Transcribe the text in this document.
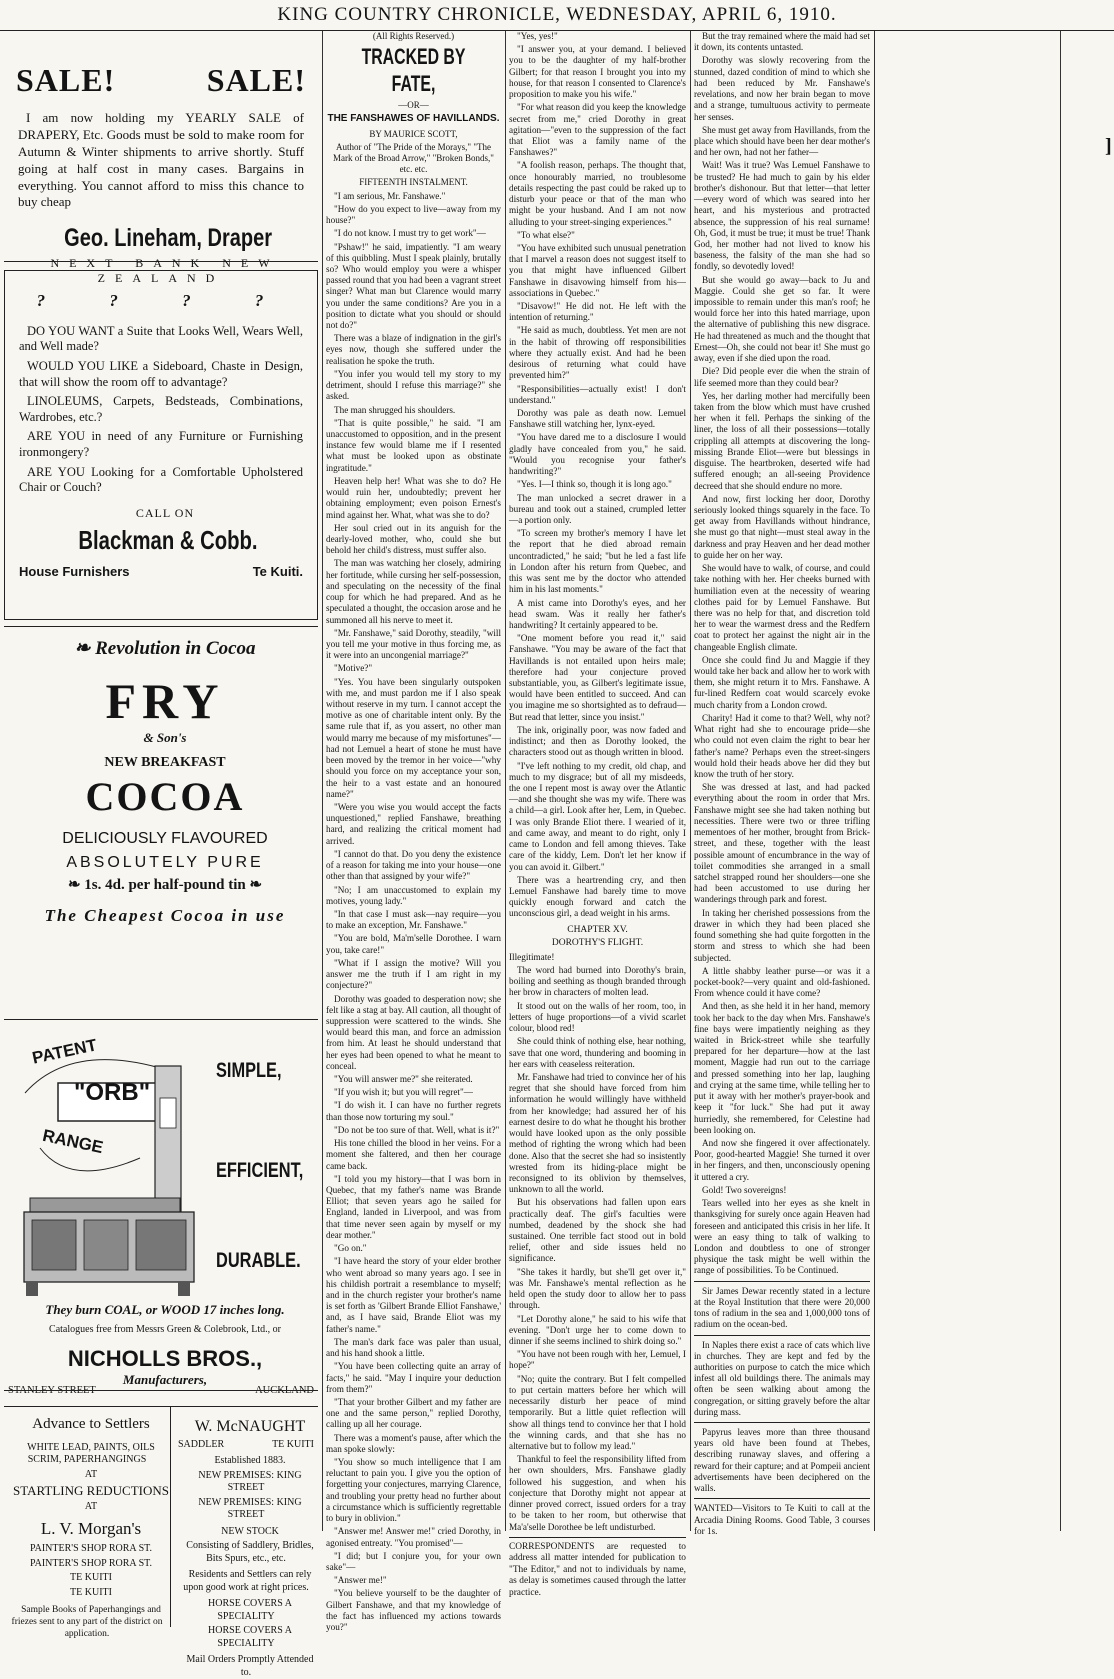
KING COUNTRY CHRONICLE, WEDNESDAY, APRIL 6, 1910.
SALE!	SALE!

I am now holding my YEARLY SALE of DRAPERY, Etc. Goods must be sold to make room for Autumn & Winter shipments to arrive shortly. Stuff going at half cost in many cases. Bargains in everything. You cannot afford to miss this chance to buy cheap

Geo. Lineham, Draper

NEXT BANK NEW ZEALAND

? ? ? ?

DO YOU WANT a Suite that Looks Well, Wears Well, and Well made?

WOULD YOU LIKE a Sideboard, Chaste in Design, that will show the room off to advantage?

LINOLEUMS, Carpets, Bedsteads, Combinations, Wardrobes, etc.?

ARE YOU in need of any Furniture or Furnishing ironmongery?

ARE YOU Looking for a Comfortable Upholstered Chair or Couch?

CALL ON

Blackman & Cobb.

House Furnishers	Te Kuiti.

❧ Revolution in Cocoa

FRY

& Son's

NEW BREAKFAST

COCOA

DELICIOUSLY FLAVOURED

ABSOLUTELY PURE

❧ 1s. 4d. per half-pound tin ❧

The Cheapest Cocoa in use

PATENT
"ORB"
RANGE
SIMPLE,
EFFICIENT,
DURABLE.

They burn COAL, or WOOD 17 inches long.

Catalogues free from Messrs Green & Colebrook, Ltd., or

NICHOLLS BROS.,

Manufacturers,

STANLEY-STREET	AUCKLAND

Advance to Settlers

WHITE LEAD, PAINTS, OILS SCRIM, PAPERHANGINGS

AT

STARTLING REDUCTIONS

AT

L. V. Morgan's

PAINTER'S SHOP RORA ST.

PAINTER'S SHOP RORA ST.

TE KUITI

TE KUITI

Sample Books of Paperhangings and friezes sent to any part of the district on application.

W. McNAUGHT

SADDLER	TE KUITI

Established 1883.

NEW PREMISES: KING STREET

NEW PREMISES: KING STREET

NEW STOCK

Consisting of Saddlery, Bridles, Bits Spurs, etc., etc.

Residents and Settlers can rely upon good work at right prices.

HORSE COVERS A SPECIALITY

HORSE COVERS A SPECIALITY

Mail Orders Promptly Attended to.

(All Rights Reserved.)

TRACKED BY FATE,

—OR—

THE FANSHAWES OF HAVILLANDS.

BY MAURICE SCOTT,

Author of "The Pride of the Morays," "The Mark of the Broad Arrow," "Broken Bonds," etc. etc.

FIFTEENTH INSTALMENT.

"I am serious, Mr. Fanshawe."

"How do you expect to live—away from my house?"

"I do not know. I must try to get work"—

"Pshaw!" he said, impatiently. "I am weary of this quibbling. Must I speak plainly, brutally so? Who would employ you were a whisper passed round that you had been a vagrant street singer? What man but Clarence would marry you under the same conditions? Are you in a position to dictate what you should or should not do?"

There was a blaze of indignation in the girl's eyes now, though she suffered under the realisation he spoke the truth.

"You infer you would tell my story to my detriment, should I refuse this marriage?" she asked.

The man shrugged his shoulders.

"That is quite possible," he said. "I am unaccustomed to opposition, and in the present instance few would blame me if I resented what must be looked upon as obstinate ingratitude."

Heaven help her! What was she to do? He would ruin her, undoubtedly; prevent her obtaining employment; even poison Ernest's mind against her. What, what was she to do?

Her soul cried out in its anguish for the dearly-loved mother, who, could she but behold her child's distress, must suffer also.

The man was watching her closely, admiring her fortitude, while cursing her self-possession, and speculating on the necessity of the final coup for which he had prepared. And as he speculated a thought, the occasion arose and he summoned all his nerve to meet it.

"Mr. Fanshawe," said Dorothy, steadily, "will you tell me your motive in thus forcing me, as it were into an uncongenial marriage?"

"Motive?"

"Yes. You have been singularly outspoken with me, and must pardon me if I also speak without reserve in my turn. I cannot accept the motive as one of charitable intent only. By the same rule that if, as you assert, no other man would marry me because of my misfortunes"— had not Lemuel a heart of stone he must have been moved by the tremor in her voice—"why should you force on my acceptance your son, the heir to a vast estate and an honoured name?"

"Were you wise you would accept the facts unquestioned," replied Fanshawe, breathing hard, and realizing the critical moment had arrived.

"I cannot do that. Do you deny the existence of a reason for taking me into your house—one other than that assigned by your wife?"

"No; I am unaccustomed to explain my motives, young lady."

"In that case I must ask—nay require—you to make an exception, Mr. Fanshawe."

"You are bold, Ma'm'selle Dorothee. I warn you, take care!"

"What if I assign the motive? Will you answer me the truth if I am right in my conjecture?"

Dorothy was goaded to desperation now; she felt like a stag at bay. All caution, all thought of suppression were scattered to the winds. She would beard this man, and force an admission from him. At least he should understand that her eyes had been opened to what he meant to conceal.

"You will answer me?" she reiterated.

"If you wish it; but you will regret"—

"I do wish it. I can have no further regrets than those now torturing my soul."

"Do not be too sure of that. Well, what is it?"

His tone chilled the blood in her veins. For a moment she faltered, and then her courage came back.

"I told you my history—that I was born in Quebec, that my father's name was Brande Elliot; that seven years ago he sailed for England, landed in Liverpool, and was from that time never seen again by myself or my dear mother."

"Go on."

"I have heard the story of your elder brother who went abroad so many years ago. I see in his childish portrait a resemblance to myself; and in the church register your brother's name is set forth as 'Gilbert Brande Elliot Fanshawe,' and, as I have said, Brande Eliot was my father's name."

The man's dark face was paler than usual, and his hand shook a little.

"You have been collecting quite an array of facts," he said. "May I inquire your deduction from them?"

"That your brother Gilbert and my father are one and the same person," replied Dorothy, calling up all her courage.

There was a moment's pause, after which the man spoke slowly:

"You show so much intelligence that I am reluctant to pain you. I give you the option of forgetting your conjectures, marrying Clarence, and troubling your pretty head no further about a circumstance which is sufficiently regrettable to bury in oblivion."

"Answer me! Answer me!" cried Dorothy, in agonised entreaty. "You promised"—

"I did; but I conjure you, for your own sake"—

"Answer me!"

"You believe yourself to be the daughter of Gilbert Fanshawe, and that my knowledge of the fact has influenced my actions towards you?"

"Yes, yes!"

"I answer you, at your demand. I believed you to be the daughter of my half-brother Gilbert; for that reason I brought you into my house, for that reason I consented to Clarence's proposition to make you his wife."

"For what reason did you keep the knowledge secret from me," cried Dorothy in great agitation—"even to the suppression of the fact that Eliot was a family name of the Fanshawes?"

"A foolish reason, perhaps. The thought that, once honourably married, no troublesome details respecting the past could be raked up to disturb your peace or that of the man who might be your husband. And I am not now alluding to your street-singing experiences."

"To what else?"

"You have exhibited such unusual penetration that I marvel a reason does not suggest itself to you that might have influenced Gilbert Fanshawe in disavowing himself from his—associations in Quebec."

"Disavow!" He did not. He left with the intention of returning."

"He said as much, doubtless. Yet men are not in the habit of throwing off responsibilities where they actually exist. And had he been desirous of returning what could have prevented him?"

"Responsibilities—actually exist! I don't understand."

Dorothy was pale as death now. Lemuel Fanshawe still watching her, lynx-eyed.

"You have dared me to a disclosure I would gladly have concealed from you," he said. "Would you recognise your father's handwriting?"

"Yes. I—I think so, though it is long ago."

The man unlocked a secret drawer in a bureau and took out a stained, crumpled letter—a portion only.

"To screen my brother's memory I have let the report that he died abroad remain uncontradicted," he said; "but he led a fast life in London after his return from Quebec, and this was sent me by the doctor who attended him in his last moments."

A mist came into Dorothy's eyes, and her head swam. Was it really her father's handwriting? It certainly appeared to be.

"One moment before you read it," said Fanshawe. "You may be aware of the fact that Havillands is not entailed upon heirs male; therefore had your conjecture proved substantiable, you, as Gilbert's legitimate issue, would have been entitled to succeed. And can you imagine me so shortsighted as to defraud—But read that letter, since you insist."

The ink, originally poor, was now faded and indistinct; and then as Dorothy looked, the characters stood out as though written in blood.

"I've left nothing to my credit, old chap, and much to my disgrace; but of all my misdeeds, the one I repent most is away over the Atlantic—and she thought she was my wife. There was a child—a girl. Look after her, Lem, in Quebec. I was only Brande Eliot there. I wearied of it, and came away, and meant to do right, only I came to London and fell among thieves. Take care of the kiddy, Lem. Don't let her know if you can avoid it. Gilbert."

There was a heartrending cry, and then Lemuel Fanshawe had barely time to move quickly enough forward and catch the unconscious girl, a dead weight in his arms.

CHAPTER XV.
DOROTHY'S FLIGHT.

Illegitimate!

The word had burned into Dorothy's brain, boiling and seething as though branded through her brow in characters of molten lead.

It stood out on the walls of her room, too, in letters of huge proportions—of a vivid scarlet colour, blood red!

She could think of nothing else, hear nothing, save that one word, thundering and booming in her ears with ceaseless reiteration.

Mr. Fanshawe had tried to convince her of his regret that she should have forced from him information he would willingly have withheld from her knowledge; had assured her of his earnest desire to do what he thought his brother would have looked upon as the only possible method of righting the wrong which had been done. Also that the secret she had so insistently wrested from its hiding-place might be reconsigned to its oblivion by themselves, unknown to all the world.

But his observations had fallen upon ears practically deaf. The girl's faculties were numbed, deadened by the shock she had sustained. One terrible fact stood out in bold relief, other and side issues held no significance.

"She takes it hardly, but she'll get over it," was Mr. Fanshawe's mental reflection as he held open the study door to allow her to pass through.

"Let Dorothy alone," he said to his wife that evening. "Don't urge her to come down to dinner if she seems inclined to shirk doing so."

"You have not been rough with her, Lemuel, I hope?"

"No; quite the contrary. But I felt compelled to put certain matters before her which will necessarily disturb her peace of mind temporarily. But a little quiet reflection will show all things tend to convince her that I hold the winning cards, and that she has no alternative but to follow my lead."

Thankful to feel the responsibility lifted from her own shoulders, Mrs. Fanshawe gladly followed his suggestion, and when his conjecture that Dorothy might not appear at dinner proved correct, issued orders for a tray to be taken to her room, but otherwise that Ma'a'selle Dorothee be left undisturbed.

CORRESPONDENTS are requested to address all matter intended for publication to "The Editor," and not to individuals by name, as delay is sometimes caused through the latter practice.

But the tray remained where the maid had set it down, its contents untasted.

Dorothy was slowly recovering from the stunned, dazed condition of mind to which she had been reduced by Mr. Fanshawe's revelations, and now her brain began to move and a strange, tumultuous activity to permeate her senses.

She must get away from Havillands, from the place which should have been her dear mother's and her own, had not her father—

Wait! Was it true? Was Lemuel Fanshawe to be trusted? He had much to gain by his elder brother's dishonour. But that letter—that letter—every word of which was seared into her heart, and his mysterious and protracted absence, the suppression of his real surname! Oh, God, it must be true; it must be true! Thank God, her mother had not lived to know his baseness, the falsity of the man she had so fondly, so devotedly loved!

But she would go away—back to Ju and Maggie. Could she get so far. It were impossible to remain under this man's roof; he would force her into this hated marriage, upon the alternative of publishing this new disgrace. He had threatened as much and the thought that Ernest—Oh, she could not bear it! She must go away, even if she died upon the road.

Die? Did people ever die when the strain of life seemed more than they could bear?

Yes, her darling mother had mercifully been taken from the blow which must have crushed her when it fell. Perhaps the sinking of the liner, the loss of all their possessions—totally crippling all attempts at discovering the long-missing Brande Eliot—were but blessings in disguise. The heartbroken, deserted wife had suffered enough; an all-seeing Providence decreed that she should endure no more.

And now, first locking her door, Dorothy seriously looked things squarely in the face. To get away from Havillands without hindrance, she must go that night—must steal away in the darkness and pray Heaven and her dead mother to guide her on her way.

She would have to walk, of course, and could take nothing with her. Her cheeks burned with humiliation even at the necessity of wearing clothes paid for by Lemuel Fanshawe. But there was no help for that, and discretion told her to wear the warmest dress and the Redfern coat to protect her against the night air in the changeable English climate.

Once she could find Ju and Maggie if they would take her back and allow her to work with them, she might return it to Mrs. Fanshawe. A fur-lined Redfern coat would scarcely evoke much charity from a London crowd.

Charity! Had it come to that? Well, why not? What right had she to encourage pride—she who could not even claim the right to bear her father's name? Perhaps even the street-singers would hold their heads above her did they but know the truth of her story.

She was dressed at last, and had packed everything about the room in order that Mrs. Fanshawe might see she had taken nothing but necessities. There were two or three trifling mementoes of her mother, brought from Brick-street, and these, together with the least possible amount of encumbrance in the way of toilet commodities she arranged in a small satchel strapped round her shoulders—one she had been accustomed to use during her wanderings through park and forest.

In taking her cherished possessions from the drawer in which they had been placed she found something she had quite forgotten in the storm and stress to which she had been subjected.

A little shabby leather purse—or was it a pocket-book?—very quaint and old-fashioned. From whence could it have come?

And then, as she held it in her hand, memory took her back to the day when Mrs. Fanshawe's fine bays were impatiently neighing as they waited in Brick-street while she tearfully prepared for her departure—how at the last moment, Maggie had run out to the carriage and pressed something into her lap, laughing and crying at the same time, while telling her to put it away with her mother's prayer-book and keep it "for luck." She had put it away hurriedly, she remembered, for Celestine had been looking on.

And now she fingered it over affectionately. Poor, good-hearted Maggie! She turned it over in her fingers, and then, unconsciously opening it uttered a cry.

Gold! Two sovereigns!

Tears welled into her eyes as she knelt in thanksgiving for surely once again Heaven had foreseen and anticipated this crisis in her life. It were an easy thing to talk of walking to London and doubtless to one of stronger physique the task might be well within the range of possibilities. To be Continued.

Sir James Dewar recently stated in a lecture at the Royal Institution that there were 20,000 tons of radium in the sea and 1,000,000 tons of radium on the ocean-bed.

In Naples there exist a race of cats which live in churches. They are kept and fed by the authorities on purpose to catch the mice which infest all old buildings there. The animals may often be seen walking about among the congregation, or sitting gravely before the altar during mass.

Papyrus leaves more than three thousand years old have been found at Thebes, describing runaway slaves, and offering a reward for their capture; and at Pompeii ancient advertisements have been deciphered on the walls.

WANTED—Visitors to Te Kuiti to call at the Arcadia Dining Rooms. Good Table, 3 courses for 1s.

]
